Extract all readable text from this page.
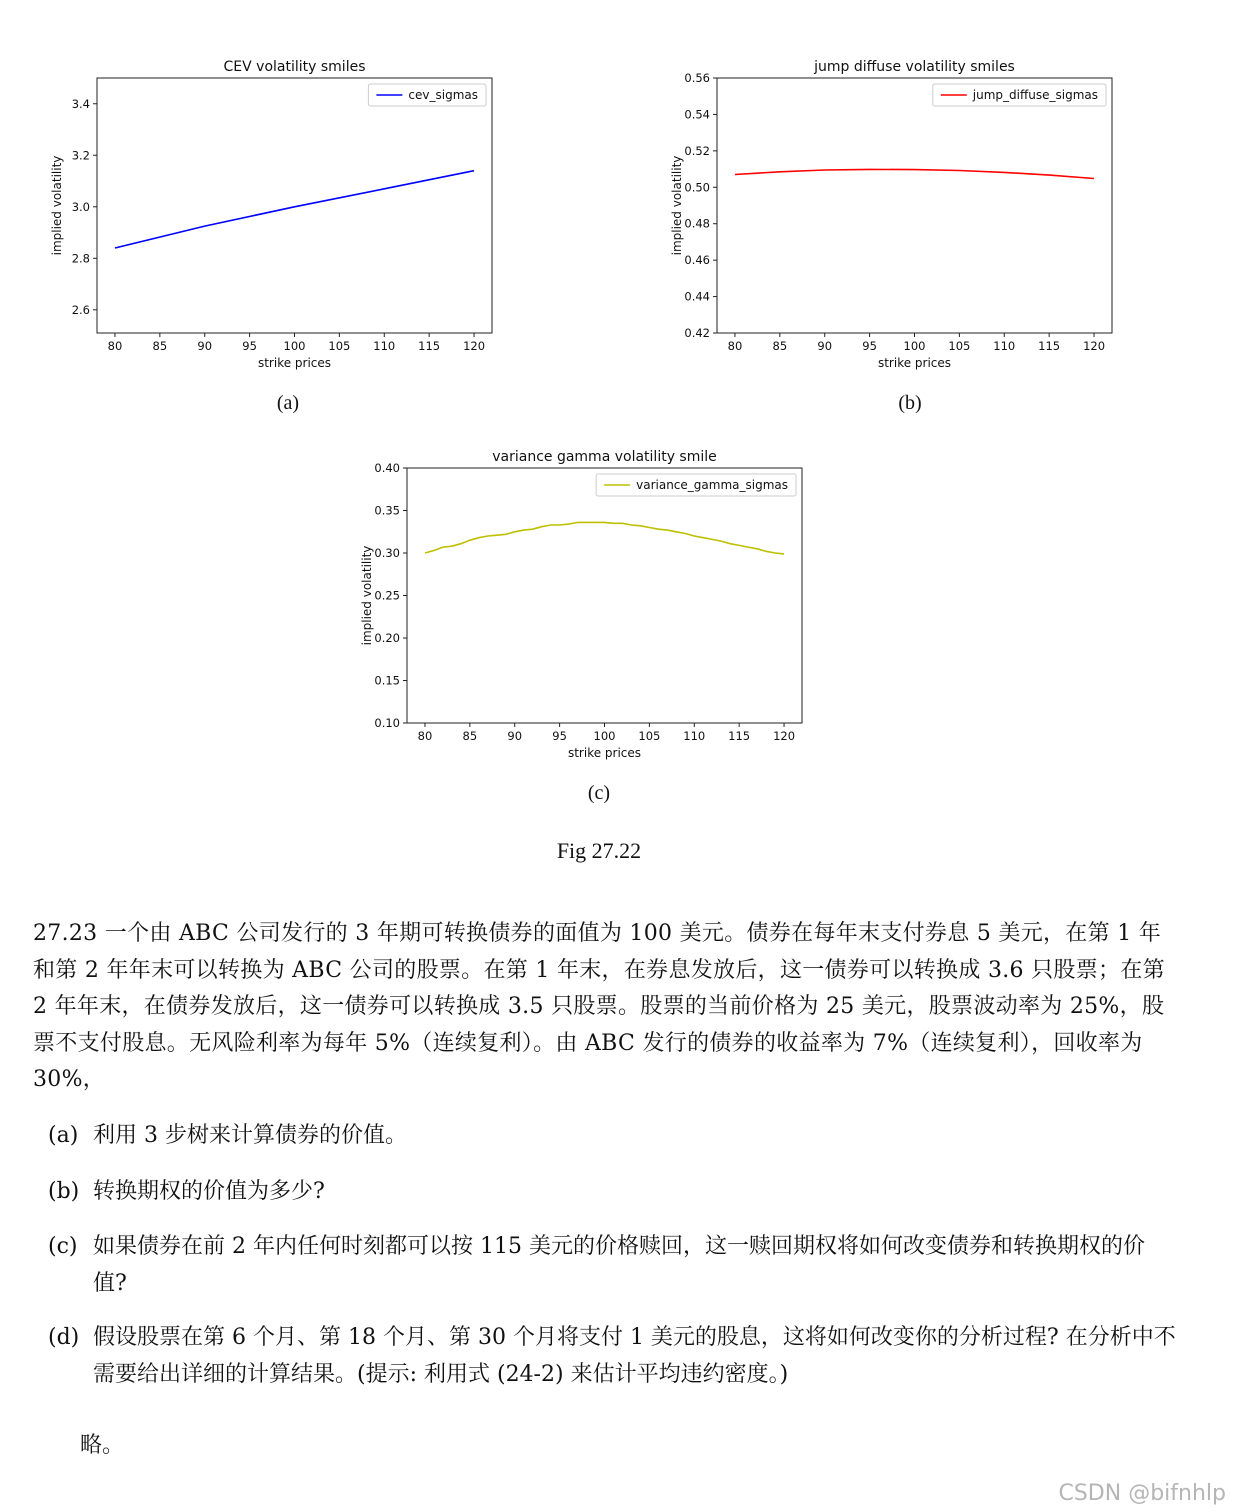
CEV volatility smiles
80	85	90	95 100 105 110 115 120
2.6
2.8
3.0
3.2
3.4
strike prices
implied volatility
cev_sigmas
(a)
jump diffuse volatility smiles
80	85	90	95 100 105 110 115 120
0.42
0.44
0.46
0.48
0.50
0.52
0.54
0.56
strike prices
implied volatility
jump_diffuse_sigmas
(b)
variance gamma volatility smile
80	85	90	95 100 105 110 115 120
0.10
0.15
0.20
0.25
0.30
0.35
0.40
strike prices
implied volatility
variance_gamma_sigmas
(c)
Fig 27.22
27.23 一个由 ABC 公司发行的 3 年期可转换债券的面值为 100 美元。债券在每年末支付券息 5 美元，在第 1 年和第 2 年年末可以转换为 ABC 公司的股票。在第 1 年末，在券息发放后，这一债券可以转换成 3.6 只股票；在第 2 年年末，在债券发放后，这一债券可以转换成 3.5 只股票。股票的当前价格为 25 美元，股票波动率为 25%，股票不支付股息。无风险利率为每年 5%（连续复利）。由 ABC 发行的债券的收益率为 7%（连续复利），回收率为 30%，
(a) 利用 3 步树来计算债券的价值。
(b) 转换期权的价值为多少?
(c) 如果债券在前 2 年内任何时刻都可以按 115 美元的价格赎回，这一赎回期权将如何改变债券和转换期权的价值?
(d) 假设股票在第 6 个月、第 18 个月、第 30 个月将支付 1 美元的股息，这将如何改变你的分析过程? 在分析中不需要给出详细的计算结果。(提示: 利用式 (24-2) 来估计平均违约密度。)
略。
CSDN @bifnhlp
